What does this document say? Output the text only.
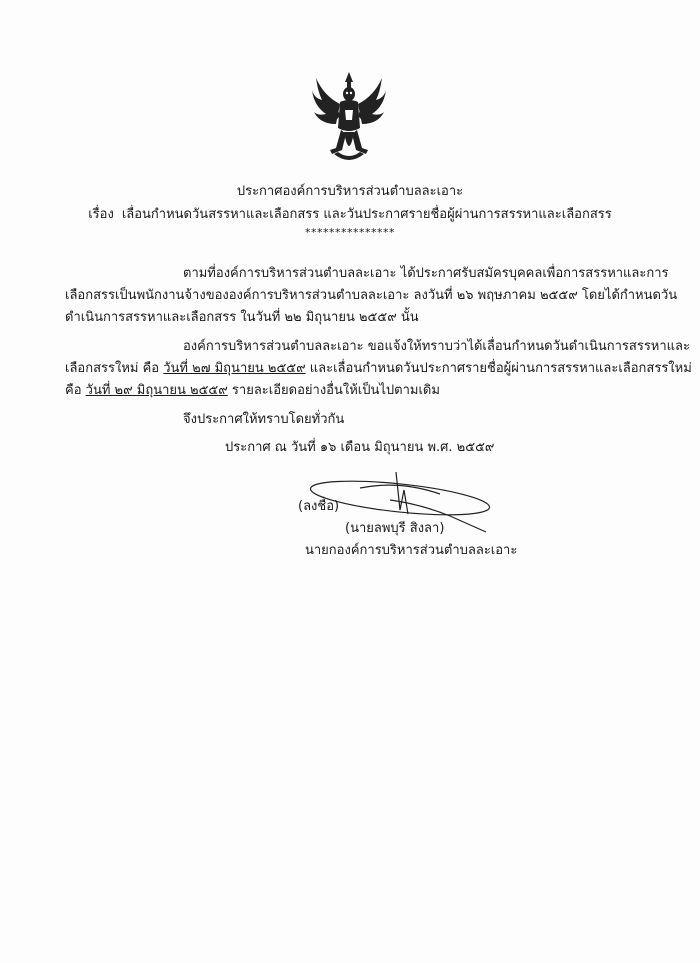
ประกาศองค์การบริหารส่วนตำบลละเอาะ
เรื่อง เลื่อนกำหนดวันสรรหาและเลือกสรร และวันประกาศรายชื่อผู้ผ่านการสรรหาและเลือกสรร
***************
ตามที่องค์การบริหารส่วนตำบลละเอาะ ได้ประกาศรับสมัครบุคคลเพื่อการสรรหาและการ
เลือกสรรเป็นพนักงานจ้างขององค์การบริหารส่วนตำบลละเอาะ ลงวันที่ ๒๖ พฤษภาคม ๒๕๕๙ โดยได้กำหนดวัน
ดำเนินการสรรหาและเลือกสรร ในวันที่ ๒๒ มิถุนายน ๒๕๕๙ นั้น
องค์การบริหารส่วนตำบลละเอาะ ขอแจ้งให้ทราบว่าได้เลื่อนกำหนดวันดำเนินการสรรหาและ
เลือกสรรใหม่ คือ วันที่ ๒๗ มิถุนายน ๒๕๕๙ และเลื่อนกำหนดวันประกาศรายชื่อผู้ผ่านการสรรหาและเลือกสรรใหม่
คือ วันที่ ๒๙ มิถุนายน ๒๕๕๙ รายละเอียดอย่างอื่นให้เป็นไปตามเดิม
จึงประกาศให้ทราบโดยทั่วกัน
ประกาศ ณ วันที่ ๑๖ เดือน มิถุนายน พ.ศ. ๒๕๕๙
(ลงชื่อ)
(นายลพบุรี สิงลา)
นายกองค์การบริหารส่วนตำบลละเอาะ
